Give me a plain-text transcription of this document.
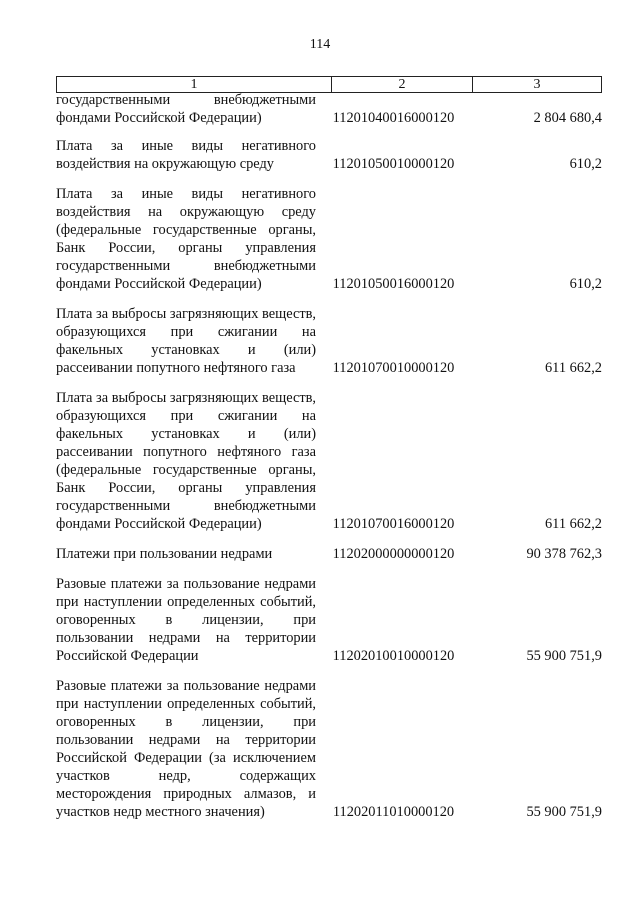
114
1	2	3
государственными внебюджетными фондами Российской Федерации)	11201040016000120	2 804 680,4
Плата за иные виды негативного воздействия на окружающую среду	11201050010000120	610,2
Плата за иные виды негативного воздействия на окружающую среду (федеральные государственные органы, Банк России, органы управления государственными внебюджетными фондами Российской Федерации)	11201050016000120	610,2
Плата за выбросы загрязняющих веществ, образующихся при сжигании на факельных установках и (или) рассеивании попутного нефтяного газа	11201070010000120	611 662,2
Плата за выбросы загрязняющих веществ, образующихся при сжигании на факельных установках и (или) рассеивании попутного нефтяного газа (федеральные государственные органы, Банк России, органы управления государственными внебюджетными фондами Российской Федерации)	11201070016000120	611 662,2
Платежи при пользовании недрами	11202000000000120	90 378 762,3
Разовые платежи за пользование недрами при наступлении определенных событий, оговоренных в лицензии, при пользовании недрами на территории Российской Федерации	11202010010000120	55 900 751,9
Разовые платежи за пользование недрами при наступлении определенных событий, оговоренных в лицензии, при пользовании недрами на территории Российской Федерации (за исключением участков недр, содержащих месторождения природных алмазов, и участков недр местного значения)	11202011010000120	55 900 751,9
